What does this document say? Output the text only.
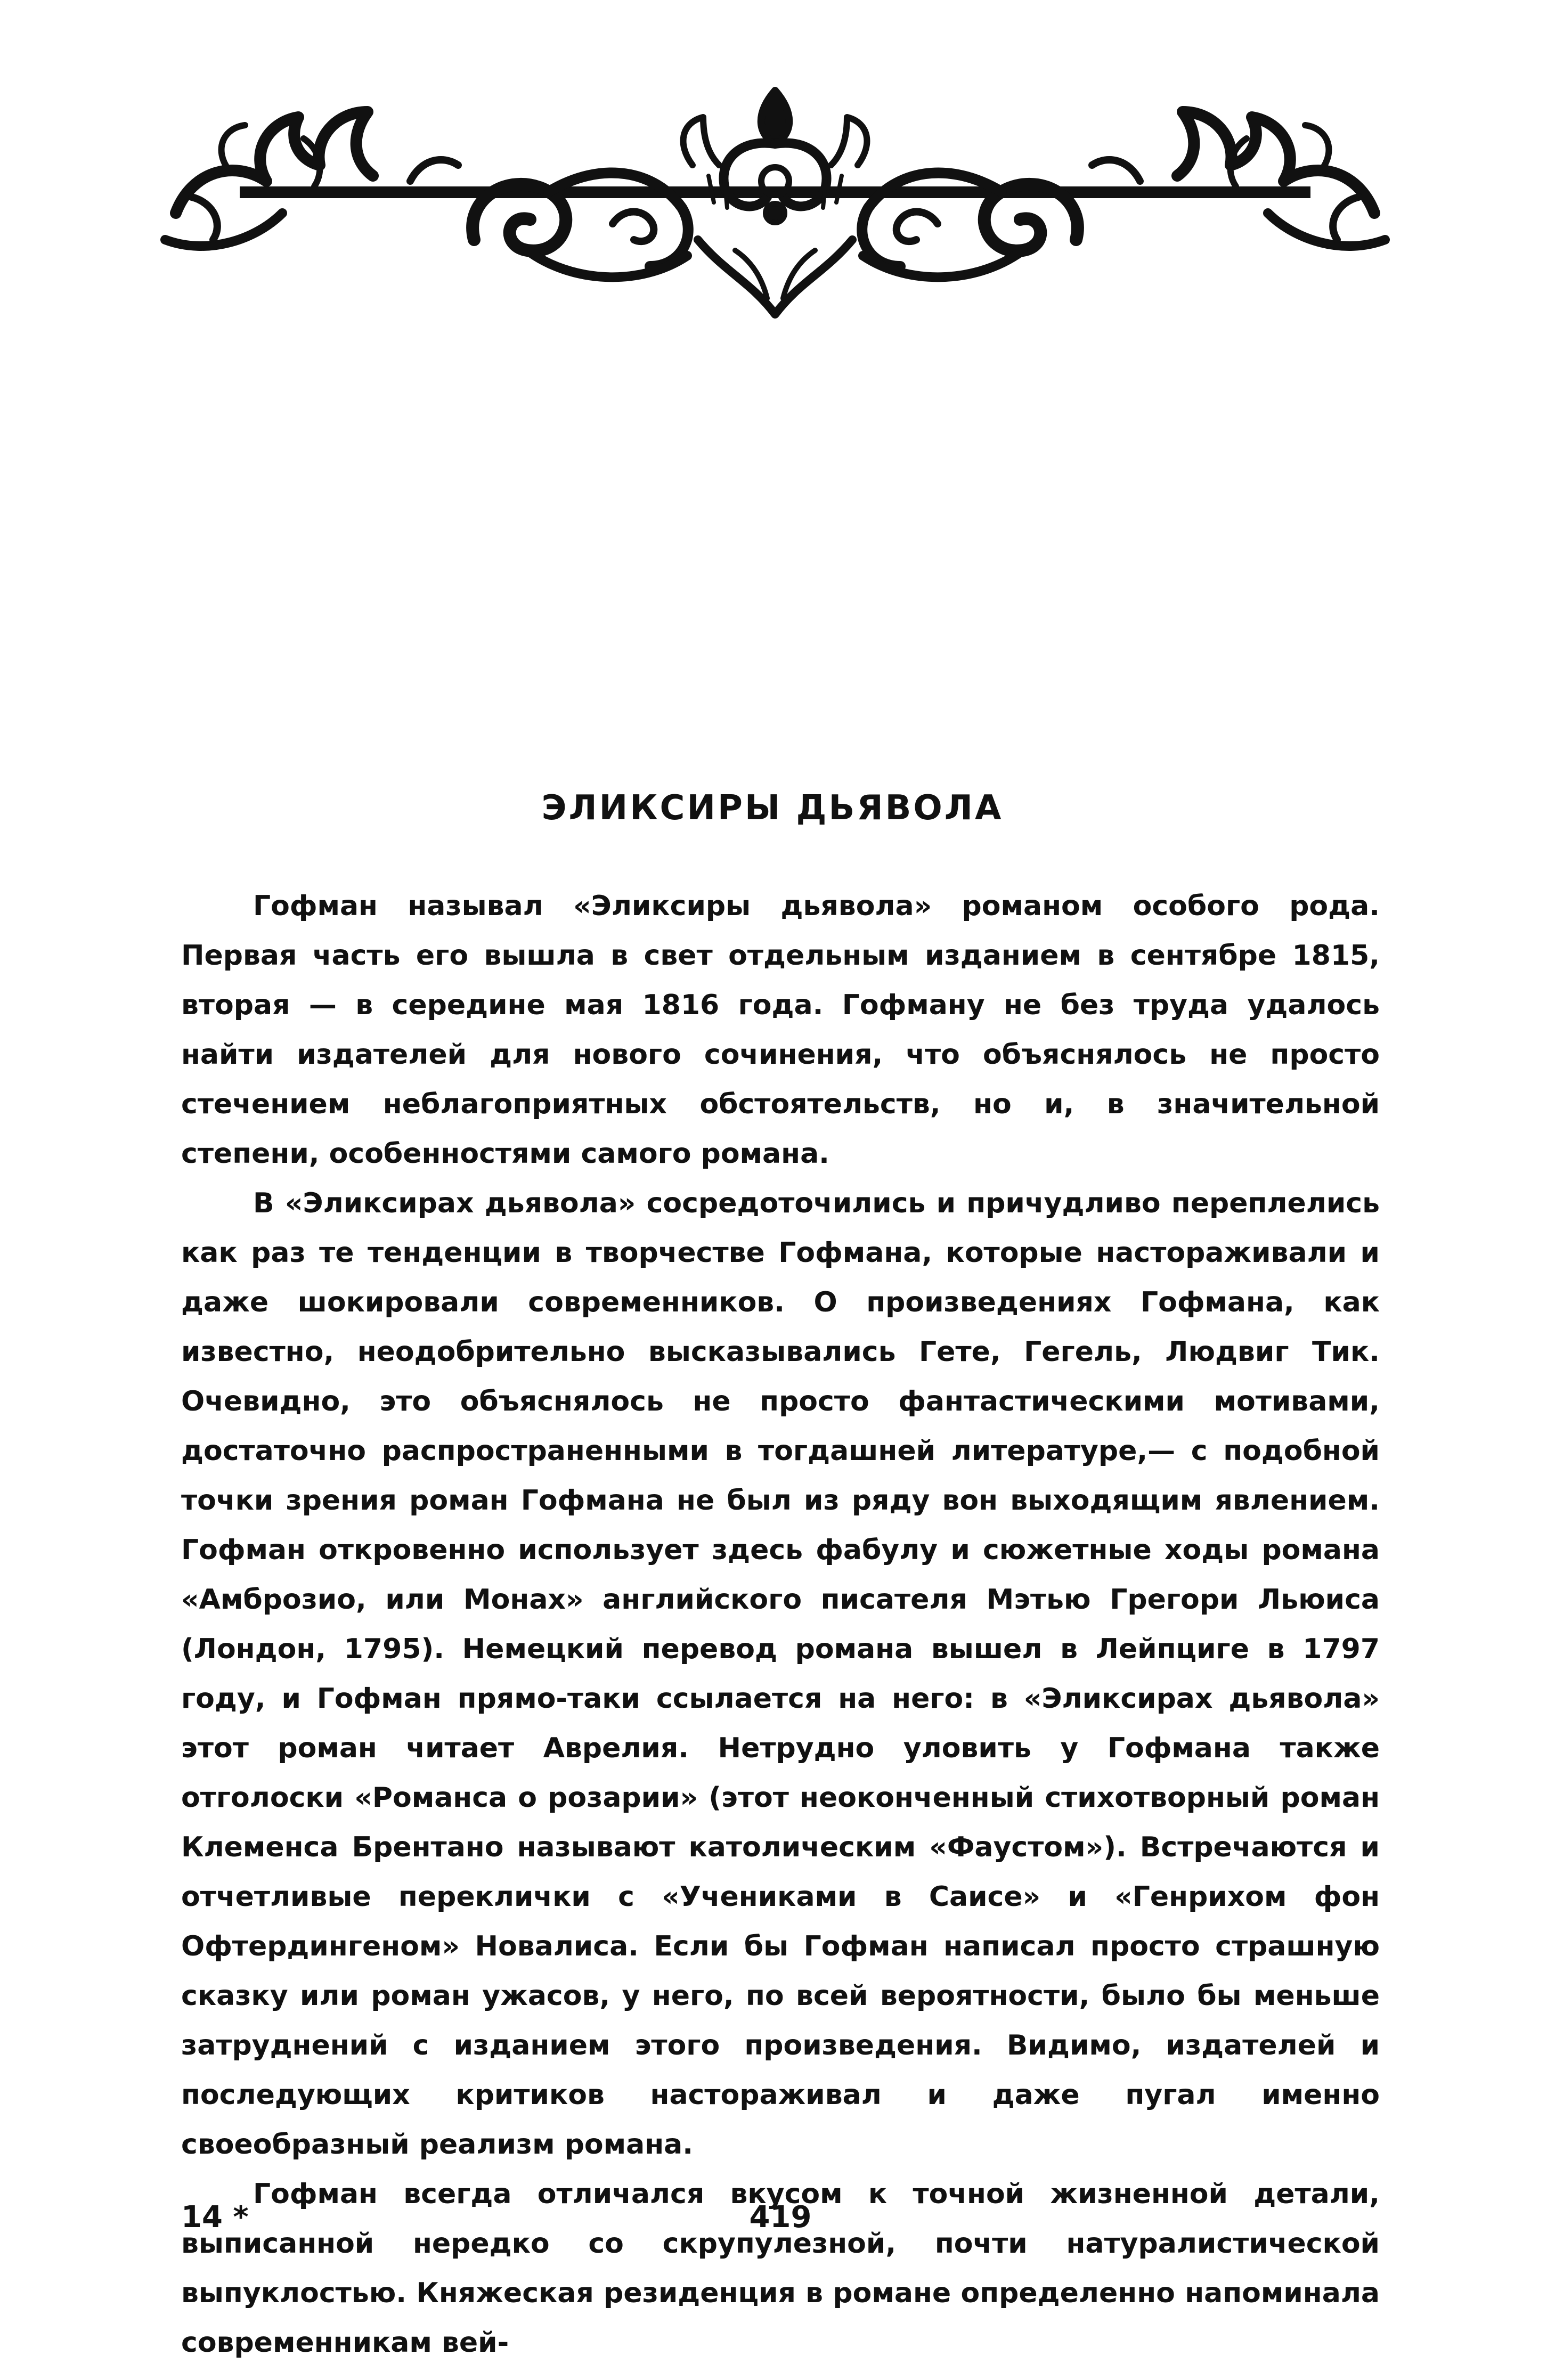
ЭЛИКСИРЫ ДЬЯВОЛА

Гофман называл «Эликсиры дьявола» романом особого рода. Первая часть его вышла в свет отдельным изданием в сентябре 1815, вторая — в середине мая 1816 года. Гофману не без труда удалось найти издателей для нового сочинения, что объяснялось не просто стечением неблагоприятных обстоятельств, но и, в значительной степени, особенностями самого романа.

В «Эликсирах дьявола» сосредоточились и причудливо переплелись как раз те тенденции в творчестве Гофмана, которые настораживали и даже шокировали современников. О произведениях Гофмана, как известно, неодобрительно высказывались Гете, Гегель, Людвиг Тик. Очевидно, это объяснялось не просто фантастическими мотивами, достаточно распространенными в тогдашней литературе,— с подобной точки зрения роман Гофмана не был из ряду вон выходящим явлением. Гофман откровенно использует здесь фабулу и сюжетные ходы романа «Амброзио, или Монах» английского писателя Мэтью Грегори Льюиса (Лондон, 1795). Немецкий перевод романа вышел в Лейпциге в 1797 году, и Гофман прямо-таки ссылается на него: в «Эликсирах дьявола» этот роман читает Аврелия. Нетрудно уловить у Гофмана также отголоски «Романса о розарии» (этот неоконченный стихотворный роман Клеменса Брентано называют католическим «Фаустом»). Встречаются и отчетливые переклички с «Учениками в Саисе» и «Генрихом фон Офтердингеном» Новалиса. Если бы Гофман написал просто страшную сказку или роман ужасов, у него, по всей вероятности, было бы меньше затруднений с изданием этого произведения. Видимо, издателей и последующих критиков настораживал и даже пугал именно своеобразный реализм романа.

Гофман всегда отличался вкусом к точной жизненной детали, выписанной нередко со скрупулезной, почти натуралистической выпуклостью. Княжеская резиденция в романе определенно напоминала современникам вей-

14 *	419
